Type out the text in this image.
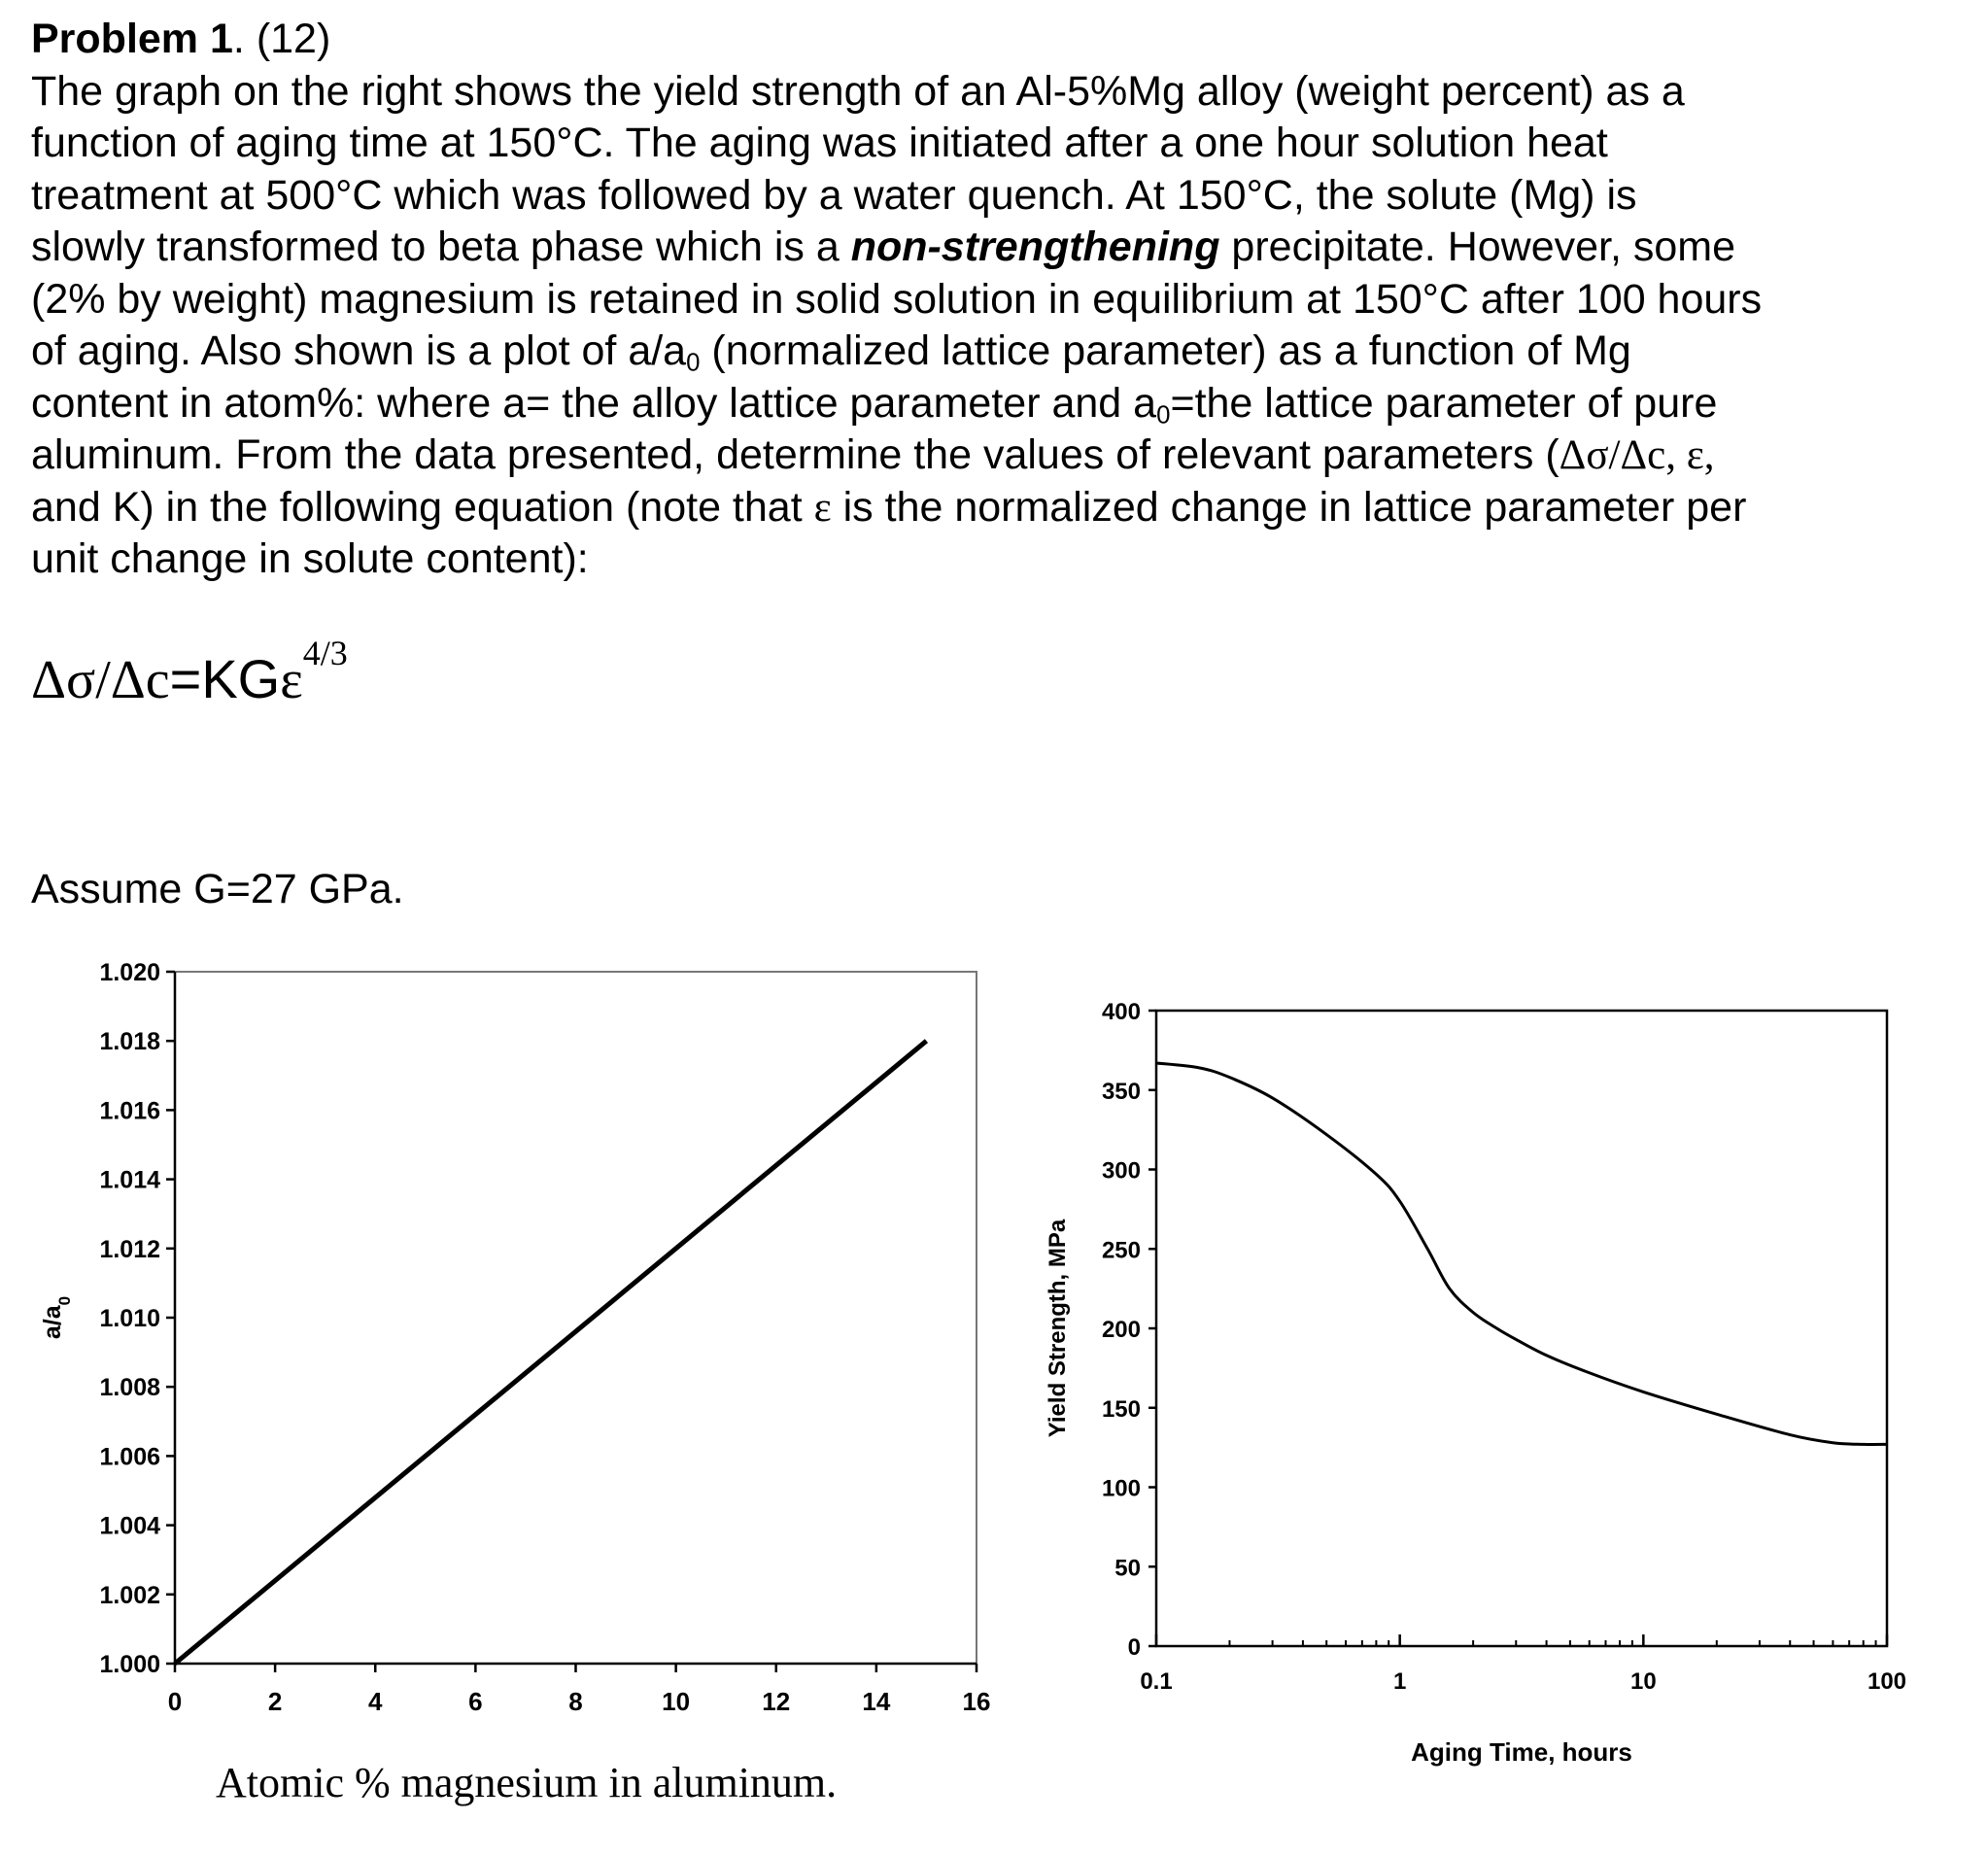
Problem 1. (12)
The graph on the right shows the yield strength of an Al-5%Mg alloy (weight percent) as a
function of aging time at 150°C. The aging was initiated after a one hour solution heat
treatment at 500°C which was followed by a water quench. At 150°C, the solute (Mg) is
slowly transformed to beta phase which is a non-strengthening precipitate. However, some
(2% by weight) magnesium is retained in solid solution in equilibrium at 150°C after 100 hours
of aging. Also shown is a plot of $a/a_0$ (normalized lattice parameter) as a function of Mg
content in atom%: where a= the alloy lattice parameter and $a_0=the$ lattice parameter of pure
aluminum. From the data presented, determine the values of relevant parameters (Δσ/Δc, ε,
and K) in the following equation (note that ε is the normalized change in lattice parameter per
unit change in solute content):
Δσ/Δc=KGε$^{4/3}$
Assume G=27 GPa.
1.000
1.002
1.004
1.006
1.008
1.010
1.012
1.014
1.016
1.018
1.020
0	2	4	6	8	10	12	14	16
$a/a_0$
Atomic % magnesium in aluminum.
0
50
100
150
200
250
300
350
400
0.1	1	10	100
Yield Strength, MPa
Aging Time, hours
